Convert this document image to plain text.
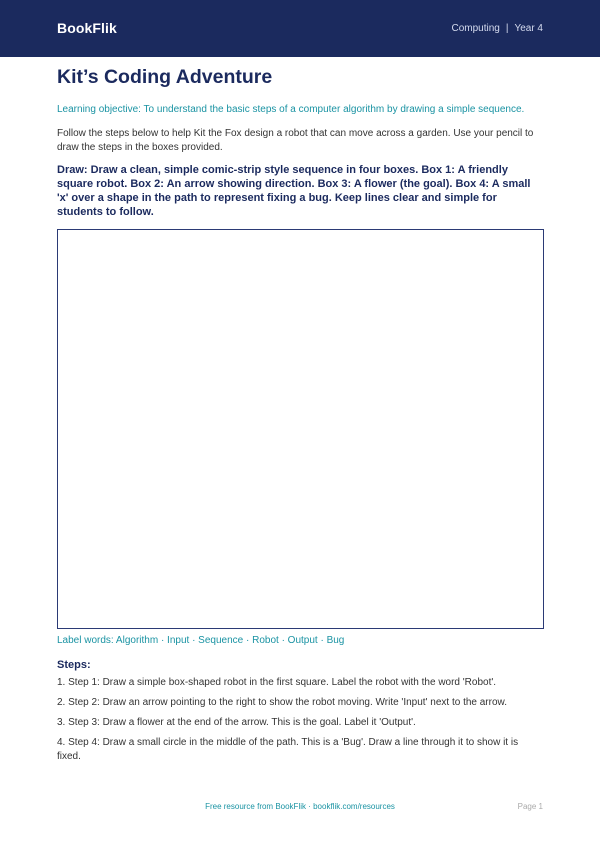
BookFlik	Computing | Year 4
Kit’s Coding Adventure

Learning objective: To understand the basic steps of a computer algorithm by drawing a simple sequence.

Follow the steps below to help Kit the Fox design a robot that can move across a garden. Use your pencil to draw the steps in the boxes provided.

Draw: Draw a clean, simple comic-strip style sequence in four boxes. Box 1: A friendly square robot. Box 2: An arrow showing direction. Box 3: A flower (the goal). Box 4: A small 'x' over a shape in the path to represent fixing a bug. Keep lines clear and simple for students to follow.

Label words: Algorithm · Input · Sequence · Robot · Output · Bug

Steps:
1. Step 1: Draw a simple box-shaped robot in the first square. Label the robot with the word 'Robot'.
2. Step 2: Draw an arrow pointing to the right to show the robot moving. Write 'Input' next to the arrow.
3. Step 3: Draw a flower at the end of the arrow. This is the goal. Label it 'Output'.
4. Step 4: Draw a small circle in the middle of the path. This is a 'Bug'. Draw a line through it to show it is fixed.
Free resource from BookFlik · bookflik.com/resources	Page 1
